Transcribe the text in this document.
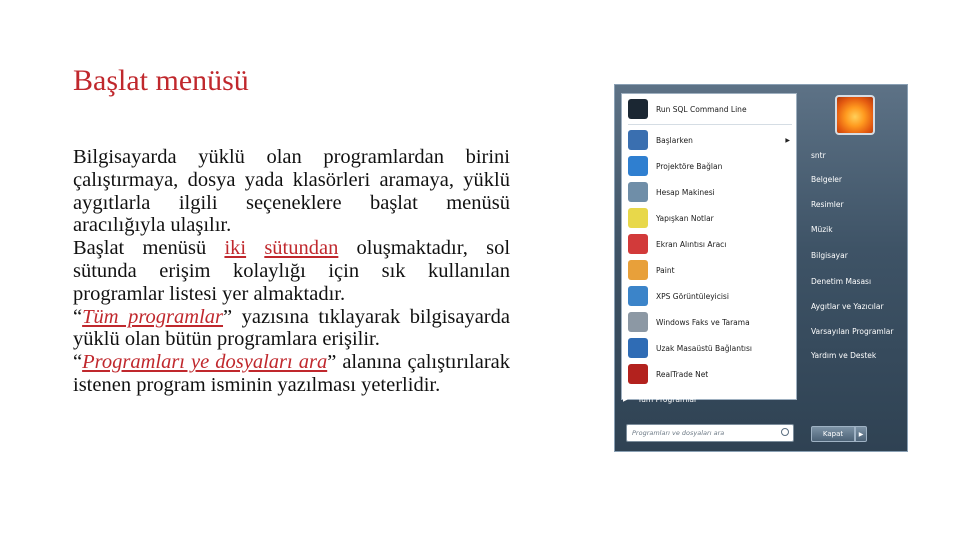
Başlat menüsü

Bilgisayarda yüklü olan programlardan birini çalıştırmaya, dosya yada klasörleri aramaya, yüklü aygıtlarla ilgili seçeneklere başlat menüsü aracılığıyla ulaşılır.

Başlat menüsü iki sütundan oluşmaktadır, sol sütunda erişim kolaylığı için sık kullanılan programlar listesi yer almaktadır.

“Tüm programlar” yazısına tıklayarak bilgisayarda yüklü olan bütün programlara erişilir.

“Programları ye dosyaları ara” alanına çalıştırılarak istenen program isminin yazılması yeterlidir.

Run SQL Command Line
Başlarken	▶
Projektöre Bağlan
Hesap Makinesi
Yapışkan Notlar
Ekran Alıntısı Aracı
Paint
XPS Görüntüleyicisi
Windows Faks ve Tarama
Uzak Masaüstü Bağlantısı
RealTrade Net
▶ Tüm Programlar
Programları ve dosyaları ara
sntr
Belgeler
Resimler
Müzik
Bilgisayar
Denetim Masası
Aygıtlar ve Yazıcılar
Varsayılan Programlar
Yardım ve Destek
Kapat	▶
